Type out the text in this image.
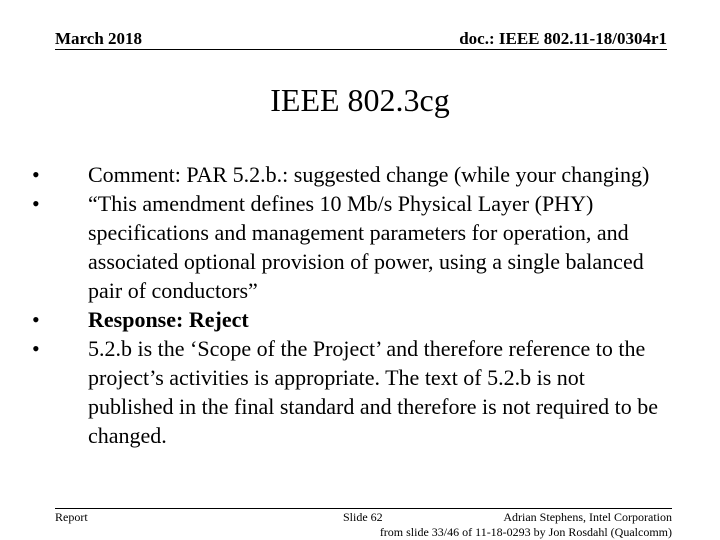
March 2018	doc.: IEEE 802.11-18/0304r1
IEEE 802.3cg
• Comment: PAR 5.2.b.: suggested change (while your changing)
• “This amendment defines 10 Mb/s Physical Layer (PHY) specifications and management parameters for operation, and associated optional provision of power, using a single balanced pair of conductors”
• Response: Reject
• 5.2.b is the ‘Scope of the Project’ and therefore reference to the project’s activities is appropriate. The text of 5.2.b is not published in the final standard and therefore is not required to be changed.
Report	Slide 62	Adrian Stephens, Intel Corporation
from slide 33/46 of 11-18-0293 by Jon Rosdahl (Qualcomm)
